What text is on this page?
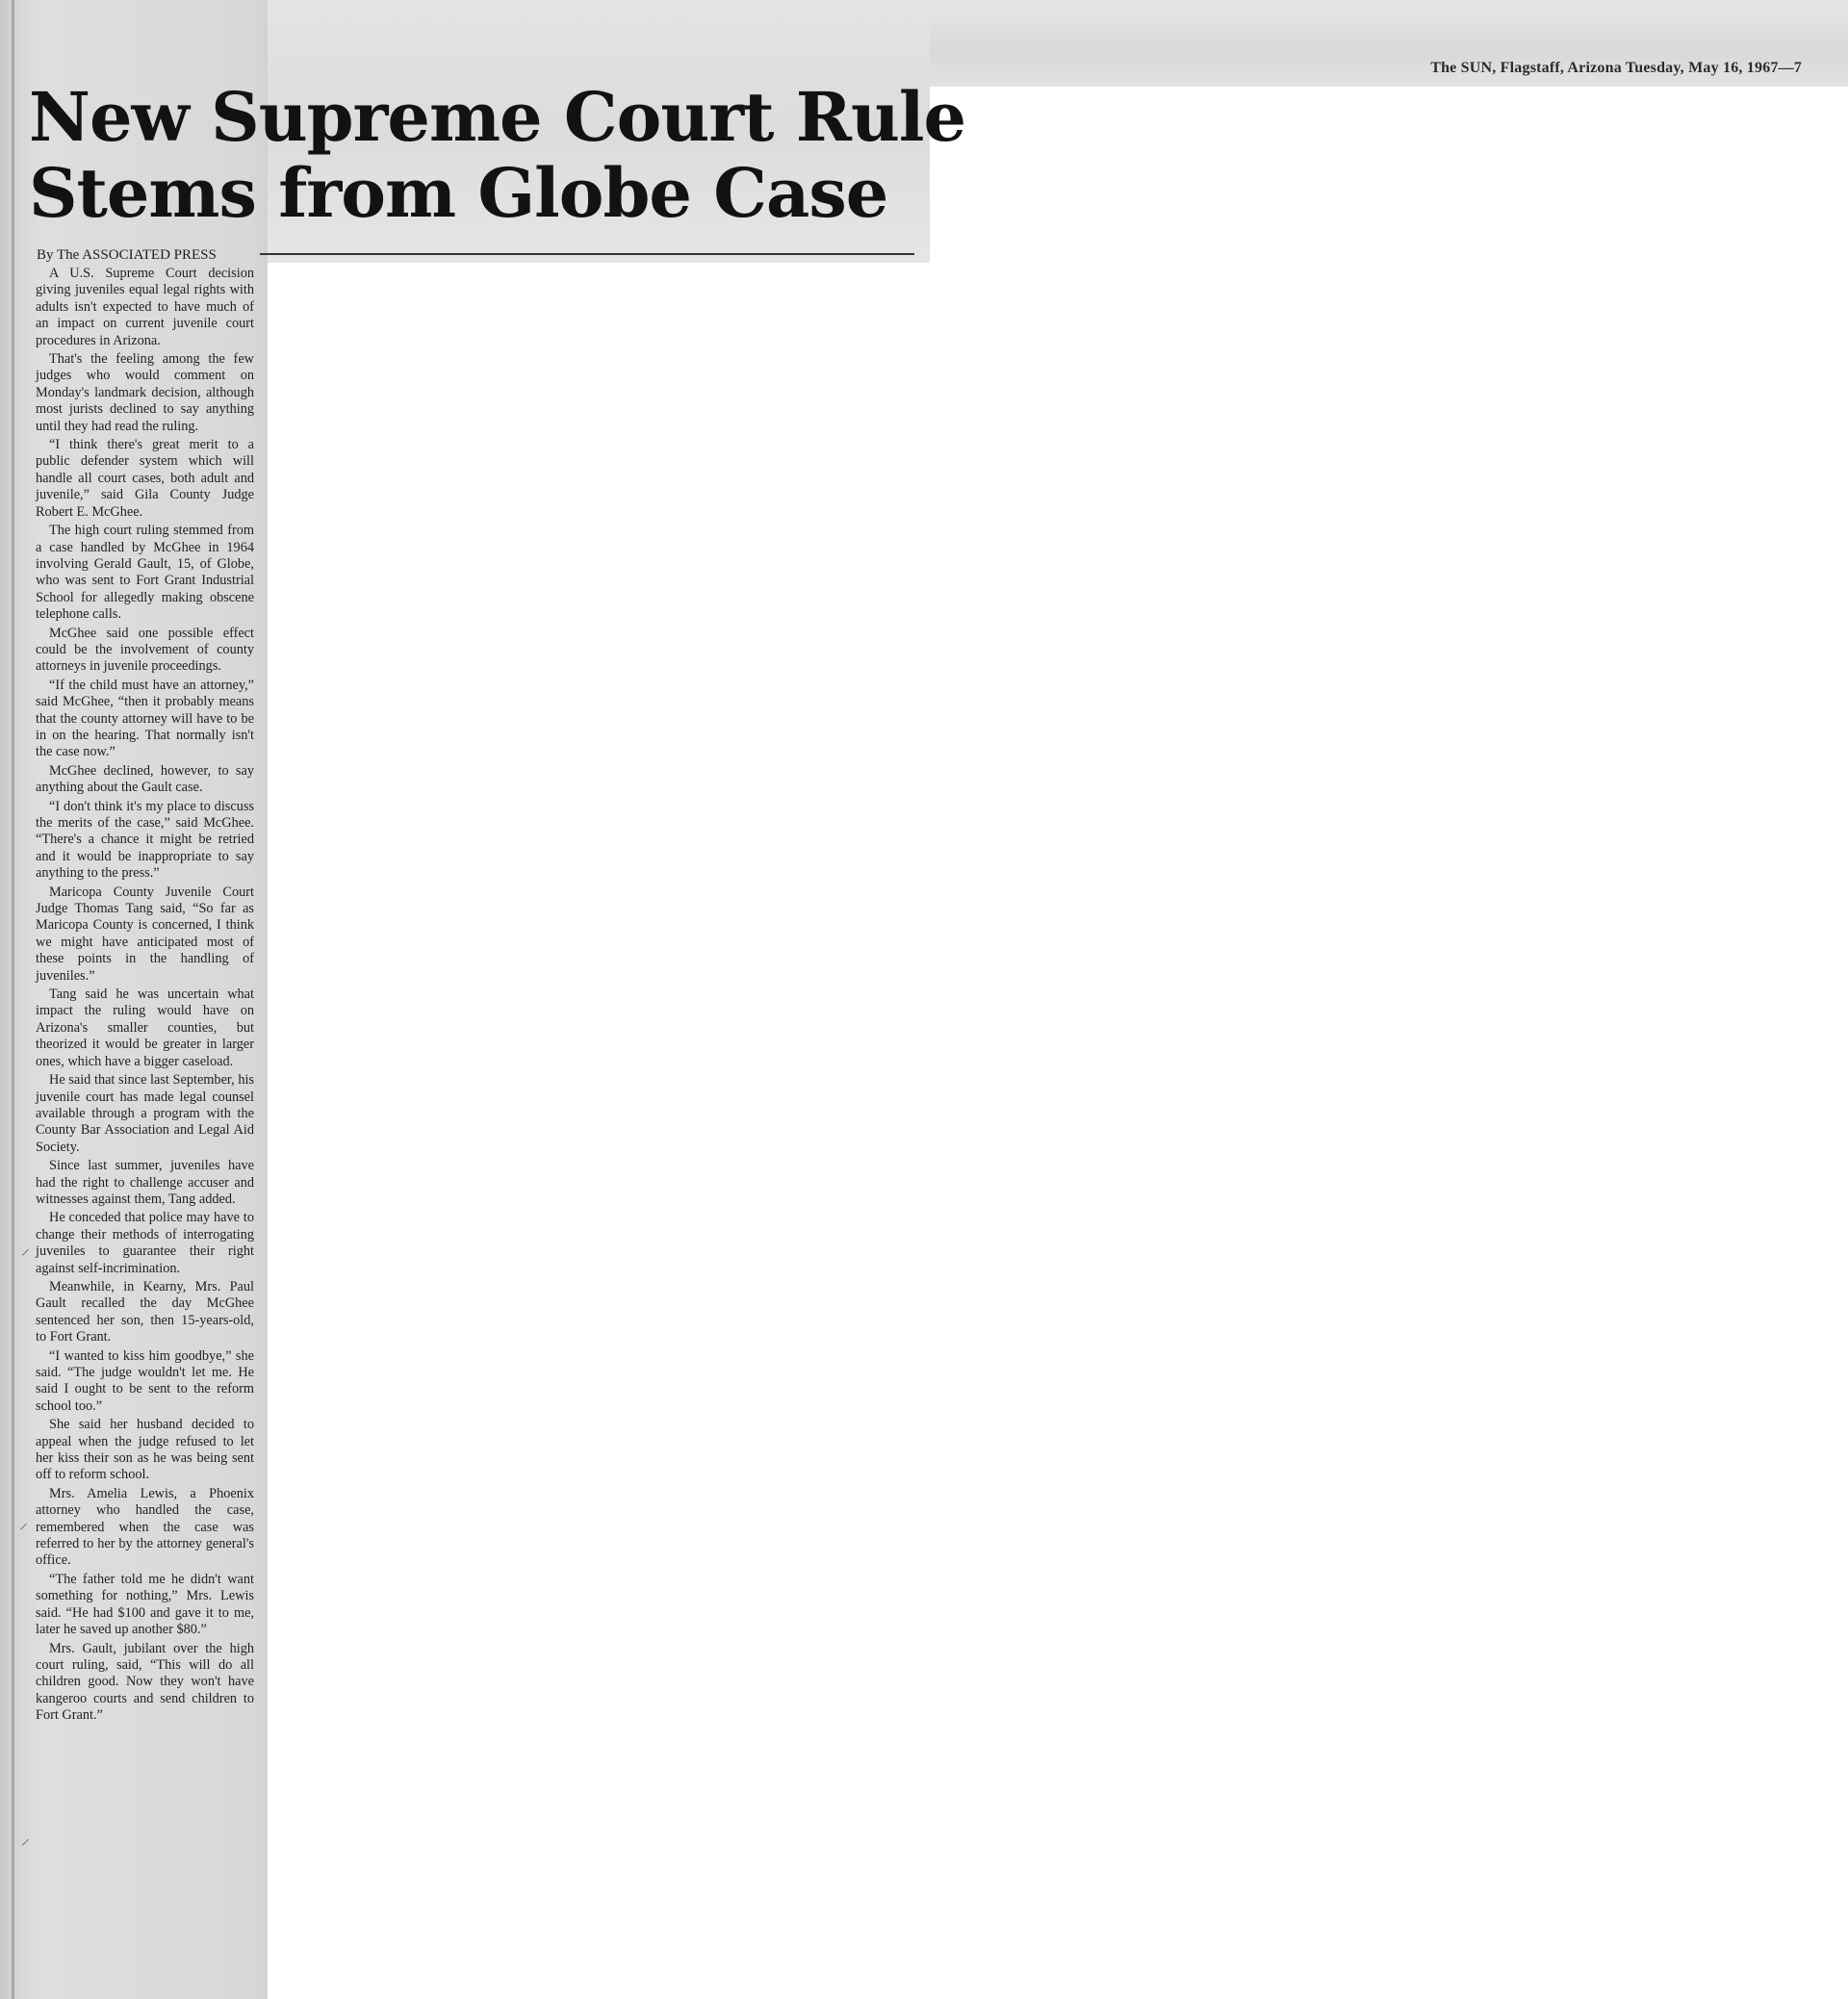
The SUN, Flagstaff, Arizona Tuesday, May 16, 1967—7
New Supreme Court Rule
Stems from Globe Case
By The ASSOCIATED PRESS

A U.S. Supreme Court decision giving juveniles equal legal rights with adults isn't expected to have much of an impact on current juvenile court procedures in Arizona.

That's the feeling among the few judges who would comment on Monday's landmark decision, although most jurists declined to say anything until they had read the ruling.

“I think there's great merit to a public defender system which will handle all court cases, both adult and juvenile,” said Gila County Judge Robert E. McGhee.

The high court ruling stemmed from a case handled by McGhee in 1964 involving Gerald Gault, 15, of Globe, who was sent to Fort Grant Industrial School for allegedly making obscene telephone calls.

McGhee said one possible effect could be the involvement of county attorneys in juvenile proceedings.

“If the child must have an attorney,” said McGhee, “then it probably means that the county attorney will have to be in on the hearing. That normally isn't the case now.”

McGhee declined, however, to say anything about the Gault case.

“I don't think it's my place to discuss the merits of the case,” said McGhee. “There's a chance it might be retried and it would be inappropriate to say anything to the press.”

Maricopa County Juvenile Court Judge Thomas Tang said, “So far as Maricopa County is concerned, I think we might have anticipated most of these points in the handling of juveniles.”

Tang said he was uncertain what impact the ruling would have on Arizona's smaller counties, but theorized it would be greater in larger ones, which have a bigger caseload.

He said that since last September, his juvenile court has made legal counsel available through a program with the County Bar Association and Legal Aid Society.

Since last summer, juveniles have had the right to challenge accuser and witnesses against them, Tang added.

He conceded that police may have to change their methods of interrogating juveniles to guarantee their right against self-incrimination.

Meanwhile, in Kearny, Mrs. Paul Gault recalled the day McGhee sentenced her son, then 15-years-old, to Fort Grant.

“I wanted to kiss him goodbye,” she said. “The judge wouldn't let me. He said I ought to be sent to the reform school too.”

She said her husband decided to appeal when the judge refused to let her kiss their son as he was being sent off to reform school.

Mrs. Amelia Lewis, a Phoenix attorney who handled the case, remembered when the case was referred to her by the attorney general's office.

“The father told me he didn't want something for nothing,” Mrs. Lewis said. “He had $100 and gave it to me, later he saved up another $80.”

Mrs. Gault, jubilant over the high court ruling, said, “This will do all children good. Now they won't have kangeroo courts and send children to Fort Grant.”

⸝
⸝
⸝
